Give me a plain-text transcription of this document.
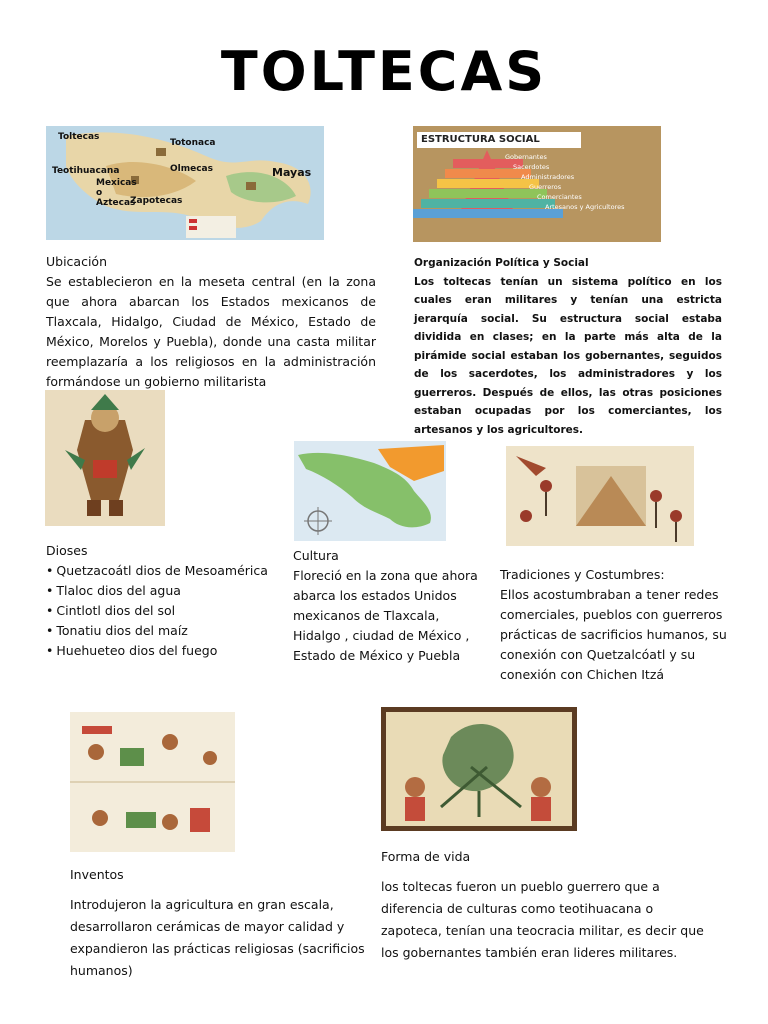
TOLTECAS
Toltecas
Totonaca
Teotihuacana	Olmecas	Mayas
Mexicas o Aztecas
Zapotecas
ESTRUCTURA SOCIAL
Gobernantes
Sacerdotes
Administradores
Guerreros
Comerciantes
Artesanos y Agricultores
Ubicación
Se establecieron en la meseta central (en la zona que ahora abarcan los Estados mexicanos de Tlaxcala, Hidalgo, Ciudad de México, Estado de México, Morelos y Puebla), donde una casta militar reemplazaría a los religiosos en la administración formándose un gobierno militarista
Organización Política y Social
Los toltecas tenían un sistema político en los cuales eran militares y tenían una estricta jerarquía social. Su estructura social estaba dividida en clases; en la parte más alta de la pirámide social estaban los gobernantes, seguidos de los sacerdotes, los administradores y los guerreros. Después de ellos, las otras posiciones estaban ocupadas por los comerciantes, los artesanos y los agricultores.
Dioses
• Quetzacoátl dios de Mesoamérica
• Tlaloc dios del agua
• Cintlotl dios del sol
• Tonatiu dios del maíz
• Huehueteo dios del fuego
Cultura
Floreció en la zona que ahora abarca los estados Unidos mexicanos de Tlaxcala, Hidalgo , ciudad de México , Estado de México y Puebla
Tradiciones y Costumbres:
Ellos acostumbraban a tener redes comerciales, pueblos con guerreros prácticas de sacrificios humanos, su conexión con Quetzalcóatl y su conexión con Chichen Itzá
Inventos
Introdujeron la agricultura en gran escala, desarrollaron cerámicas de mayor calidad y expandieron las prácticas religiosas (sacrificios humanos)
Forma de vida
los toltecas fueron un pueblo guerrero que a diferencia de culturas como teotihuacana o zapoteca, tenían una teocracia militar, es decir que los gobernantes también eran lideres militares.
